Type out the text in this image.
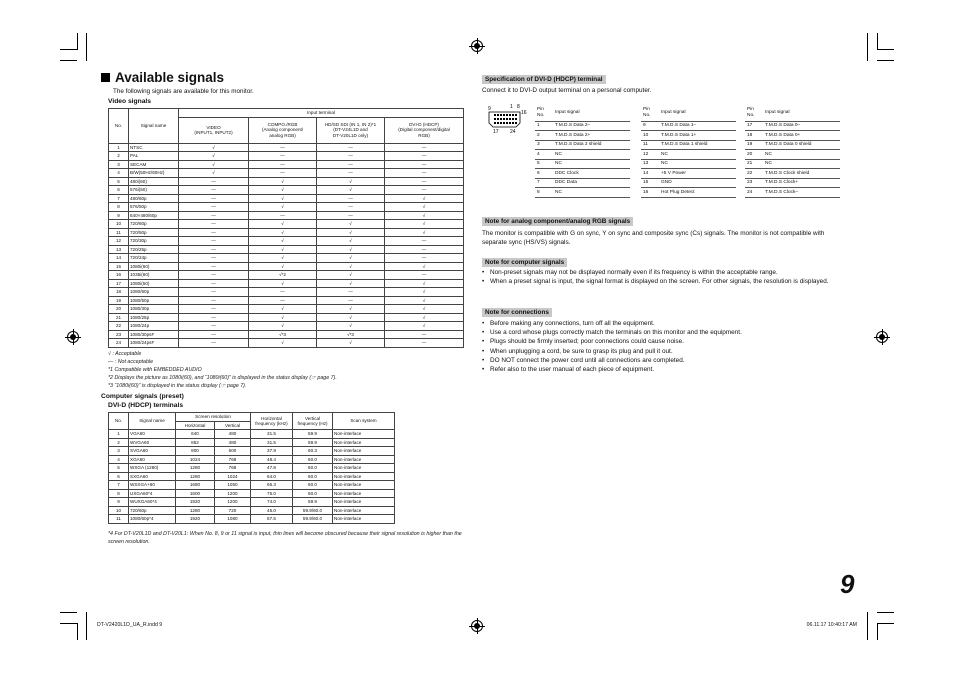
Available signals
The following signals are available for this monitor.
Video signals
No.	Signal name	Input terminal			
		VIDEO
(INPUT1, INPUT2)	COMPO./RGB
(Analog component/
analog RGB)	HD/SD SDI (IN 1, IN 2)*1
(DT-V24L1D and
DT-V20L1D only)	DVI-D (HDCP)
(Digital component/digital
RGB)
1	NTSC	√	—	—	—
2	PAL	√	—	—	—
3	SECAM	√	—	—	—
4	B/W(50Hz/60Hz)	√	—	—	—
5	480i(60)	—	√	√	—
6	576i(50)	—	√	√	—
7	480/60p	—	√	—	√
8	576/50p	—	√	—	√
9	640×480/60p	—	—	—	√
10	720/60p	—	√	√	√
11	720/50p	—	√	√	√
12	720/30p	—	√	√	—
13	720/25p	—	√	√	—
14	720/24p	—	√	√	—
15	1080i(60)	—	√	√	√
16	1035i(60)	—	√*2	√	—
17	1080i(50)	—	√	√	√
18	1080/60p	—	—	—	√
19	1080/50p	—	—	—	√
20	1080/30p	—	√	√	√
21	1080/25p	—	√	√	√
22	1080/24p	—	√	√	√
23	1080/30psF	—	√*3	√*3	—
24	1080/24psF	—	√	√	—
√ : Acceptable
— : Not acceptable
*1 Compatible with EMBEDDED AUDIO
*2 Displays the picture as 1080i(60), and “1080i(60)” is displayed in the status display (☞ page 7).
*3 “1080i(60)” is displayed in the status display (☞ page 7).
Computer signals (preset)
DVI-D (HDCP) terminals
No.	Signal name	Screen resolution		Horizontal
frequency (kHz)	Vertical
frequency (Hz)	Scan system
		Horizontal	Vertical			
1	VGA60	640	480	31.5	59.9	Non-interlace
2	WVGA60	852	480	31.5	59.9	Non-interlace
3	SVGA60	800	600	37.9	60.3	Non-interlace
4	XGA60	1024	768	48.4	60.0	Non-interlace
5	WXGA (1280)	1280	768	47.8	60.0	Non-interlace
6	SXGA60	1280	1024	64.0	60.0	Non-interlace
7	WSXGA+60	1680	1050	65.3	60.0	Non-interlace
8	UXGA60*4	1600	1200	75.0	60.0	Non-interlace
9	WUXGA60*4	1920	1200	74.0	59.9	Non-interlace
10	720/60p	1280	720	45.0	59.9/60.0	Non-interlace
11	1080/60p*4	1920	1080	67.5	59.9/60.0	Non-interlace
*4 For DT-V20L1D and DT-V20L1: When No. 8, 9 or 11 signal is input, thin lines will become obscured because their signal resolution is higher than the screen resolution.
Specification of DVI-D (HDCP) terminal
Connect it to DVI-D output terminal on a personal computer.
9	1 8
16
17 24
Pin
No.	Input signal
1	T.M.D.S Data 2–
2	T.M.D.S Data 2+
3	T.M.D.S Data 2 shield
4	NC
5	NC
6	DDC Clock
7	DDC Data
8	NC
Pin
No.	Input signal
9	T.M.D.S Data 1–
10	T.M.D.S Data 1+
11	T.M.D.S Data 1 shield
12	NC
13	NC
14	+5 V Power
15	GND
16	Hot Plug Detect
Pin
No.	Input signal
17	T.M.D.S Data 0–
18	T.M.D.S Data 0+
19	T.M.D.S Data 0 shield
20	NC
21	NC
22	T.M.D.S Clock shield
23	T.M.D.S Clock+
24	T.M.D.S Clock–
Note for analog component/analog RGB signals
The monitor is compatible with G on sync, Y on sync and composite sync (Cs) signals. The monitor is not compatible with separate sync (HS/VS) signals.
Note for computer signals
• Non-preset signals may not be displayed normally even if its frequency is within the acceptable range.
• When a preset signal is input, the signal format is displayed on the screen. For other signals, the resolution is displayed.
Note for connections
• Before making any connections, turn off all the equipment.
• Use a cord whose plugs correctly match the terminals on this monitor and the equipment.
• Plugs should be firmly inserted; poor connections could cause noise.
• When unplugging a cord, be sure to grasp its plug and pull it out.
• DO NOT connect the power cord until all connections are completed.
• Refer also to the user manual of each piece of equipment.
9
DT-V2420L1D_UA_R.indd 9	06.11.17 10:40:17 AM
